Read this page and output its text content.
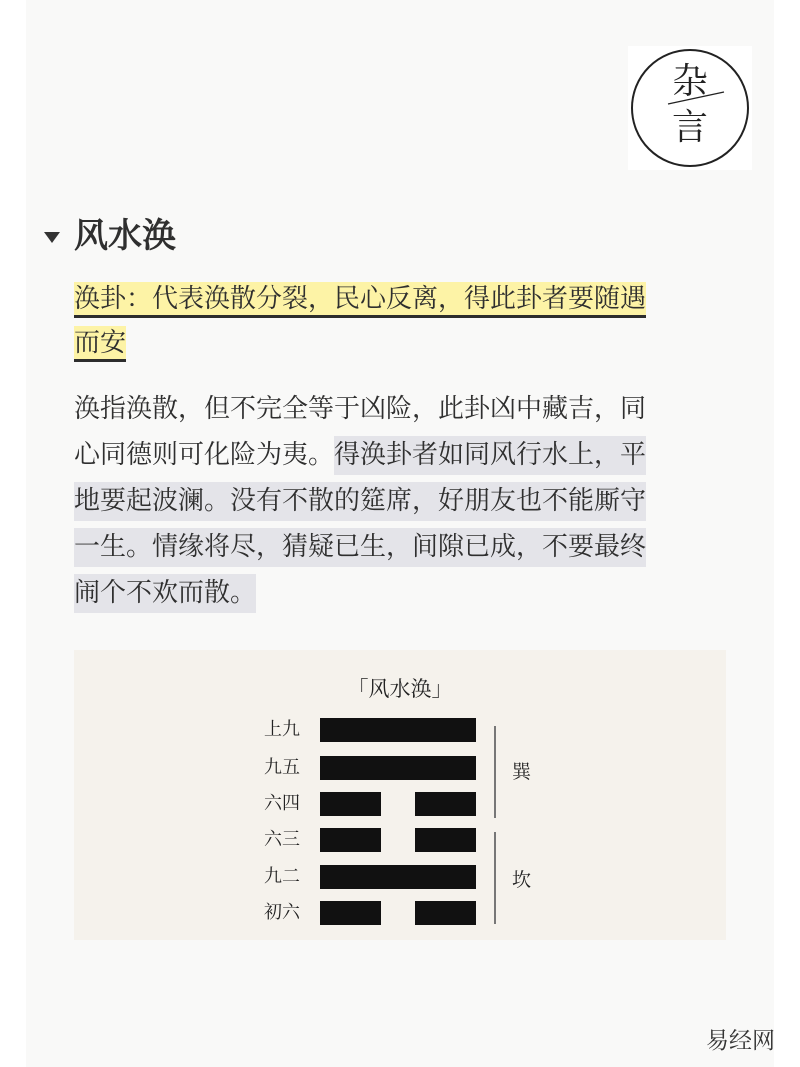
杂
言
风水涣
涣卦：代表涣散分裂，民心反离，得此卦者要随遇
而安
涣指涣散，但不完全等于凶险，此卦凶中藏吉，同
心同德则可化险为夷。得涣卦者如同风行水上，平
地要起波澜。没有不散的筵席，好朋友也不能厮守
一生。情缘将尽，猜疑已生，间隙已成，不要最终
闹个不欢而散。
「风水涣」
巽
坎
上九
九五
六四
六三
九二
初六
易经网
